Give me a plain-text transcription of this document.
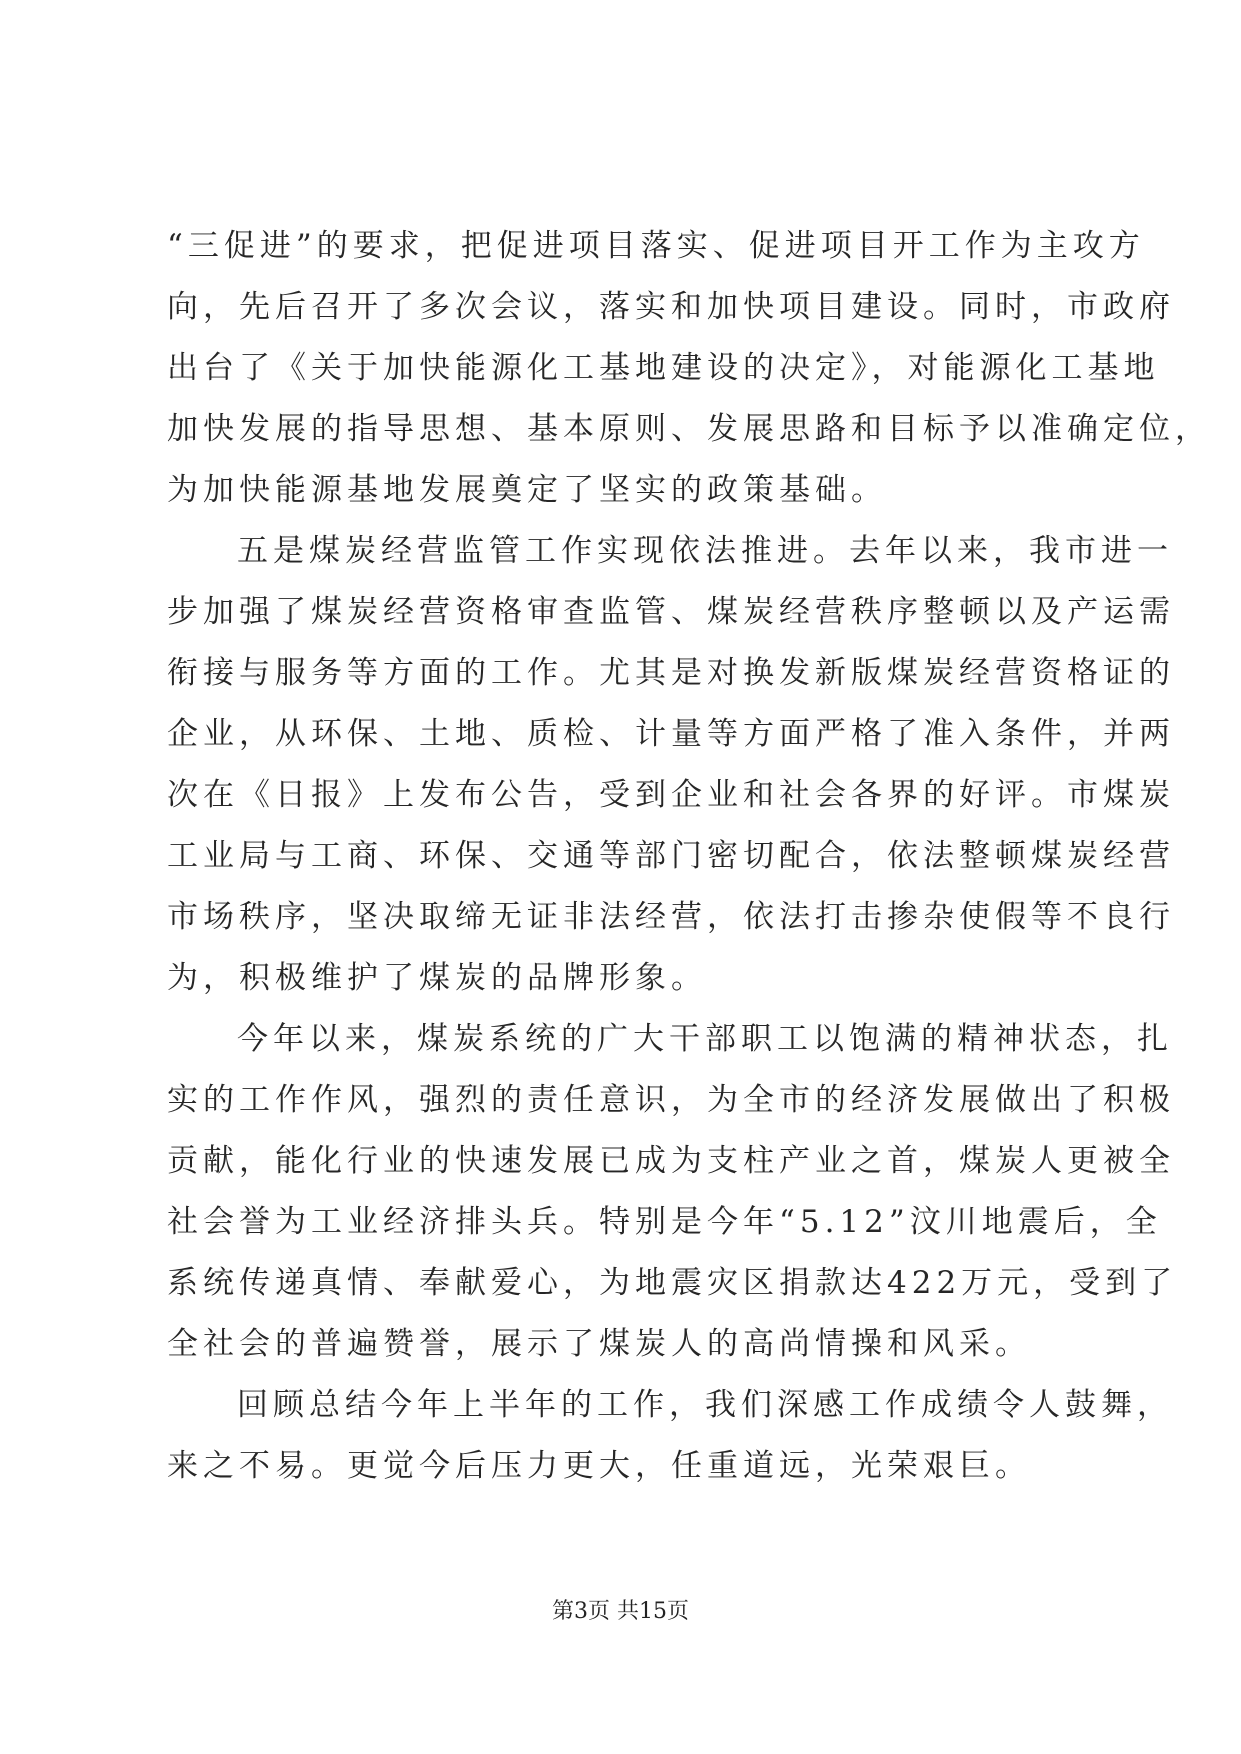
“三促进”的要求，把促进项目落实、促进项目开工作为主攻方
向，先后召开了多次会议，落实和加快项目建设。同时，市政府
出台了《关于加快能源化工基地建设的决定》，对能源化工基地
加快发展的指导思想、基本原则、发展思路和目标予以准确定位，
为加快能源基地发展奠定了坚实的政策基础。
五是煤炭经营监管工作实现依法推进。去年以来，我市进一
步加强了煤炭经营资格审查监管、煤炭经营秩序整顿以及产运需
衔接与服务等方面的工作。尤其是对换发新版煤炭经营资格证的
企业，从环保、土地、质检、计量等方面严格了准入条件，并两
次在《日报》上发布公告，受到企业和社会各界的好评。市煤炭
工业局与工商、环保、交通等部门密切配合，依法整顿煤炭经营
市场秩序，坚决取缔无证非法经营，依法打击掺杂使假等不良行
为，积极维护了煤炭的品牌形象。
今年以来，煤炭系统的广大干部职工以饱满的精神状态，扎
实的工作作风，强烈的责任意识，为全市的经济发展做出了积极
贡献，能化行业的快速发展已成为支柱产业之首，煤炭人更被全
社会誉为工业经济排头兵。特别是今年“5.12”汶川地震后，全
系统传递真情、奉献爱心，为地震灾区捐款达422万元，受到了
全社会的普遍赞誉，展示了煤炭人的高尚情操和风采。
回顾总结今年上半年的工作，我们深感工作成绩令人鼓舞，
来之不易。更觉今后压力更大，任重道远，光荣艰巨。
第3页 共15页
